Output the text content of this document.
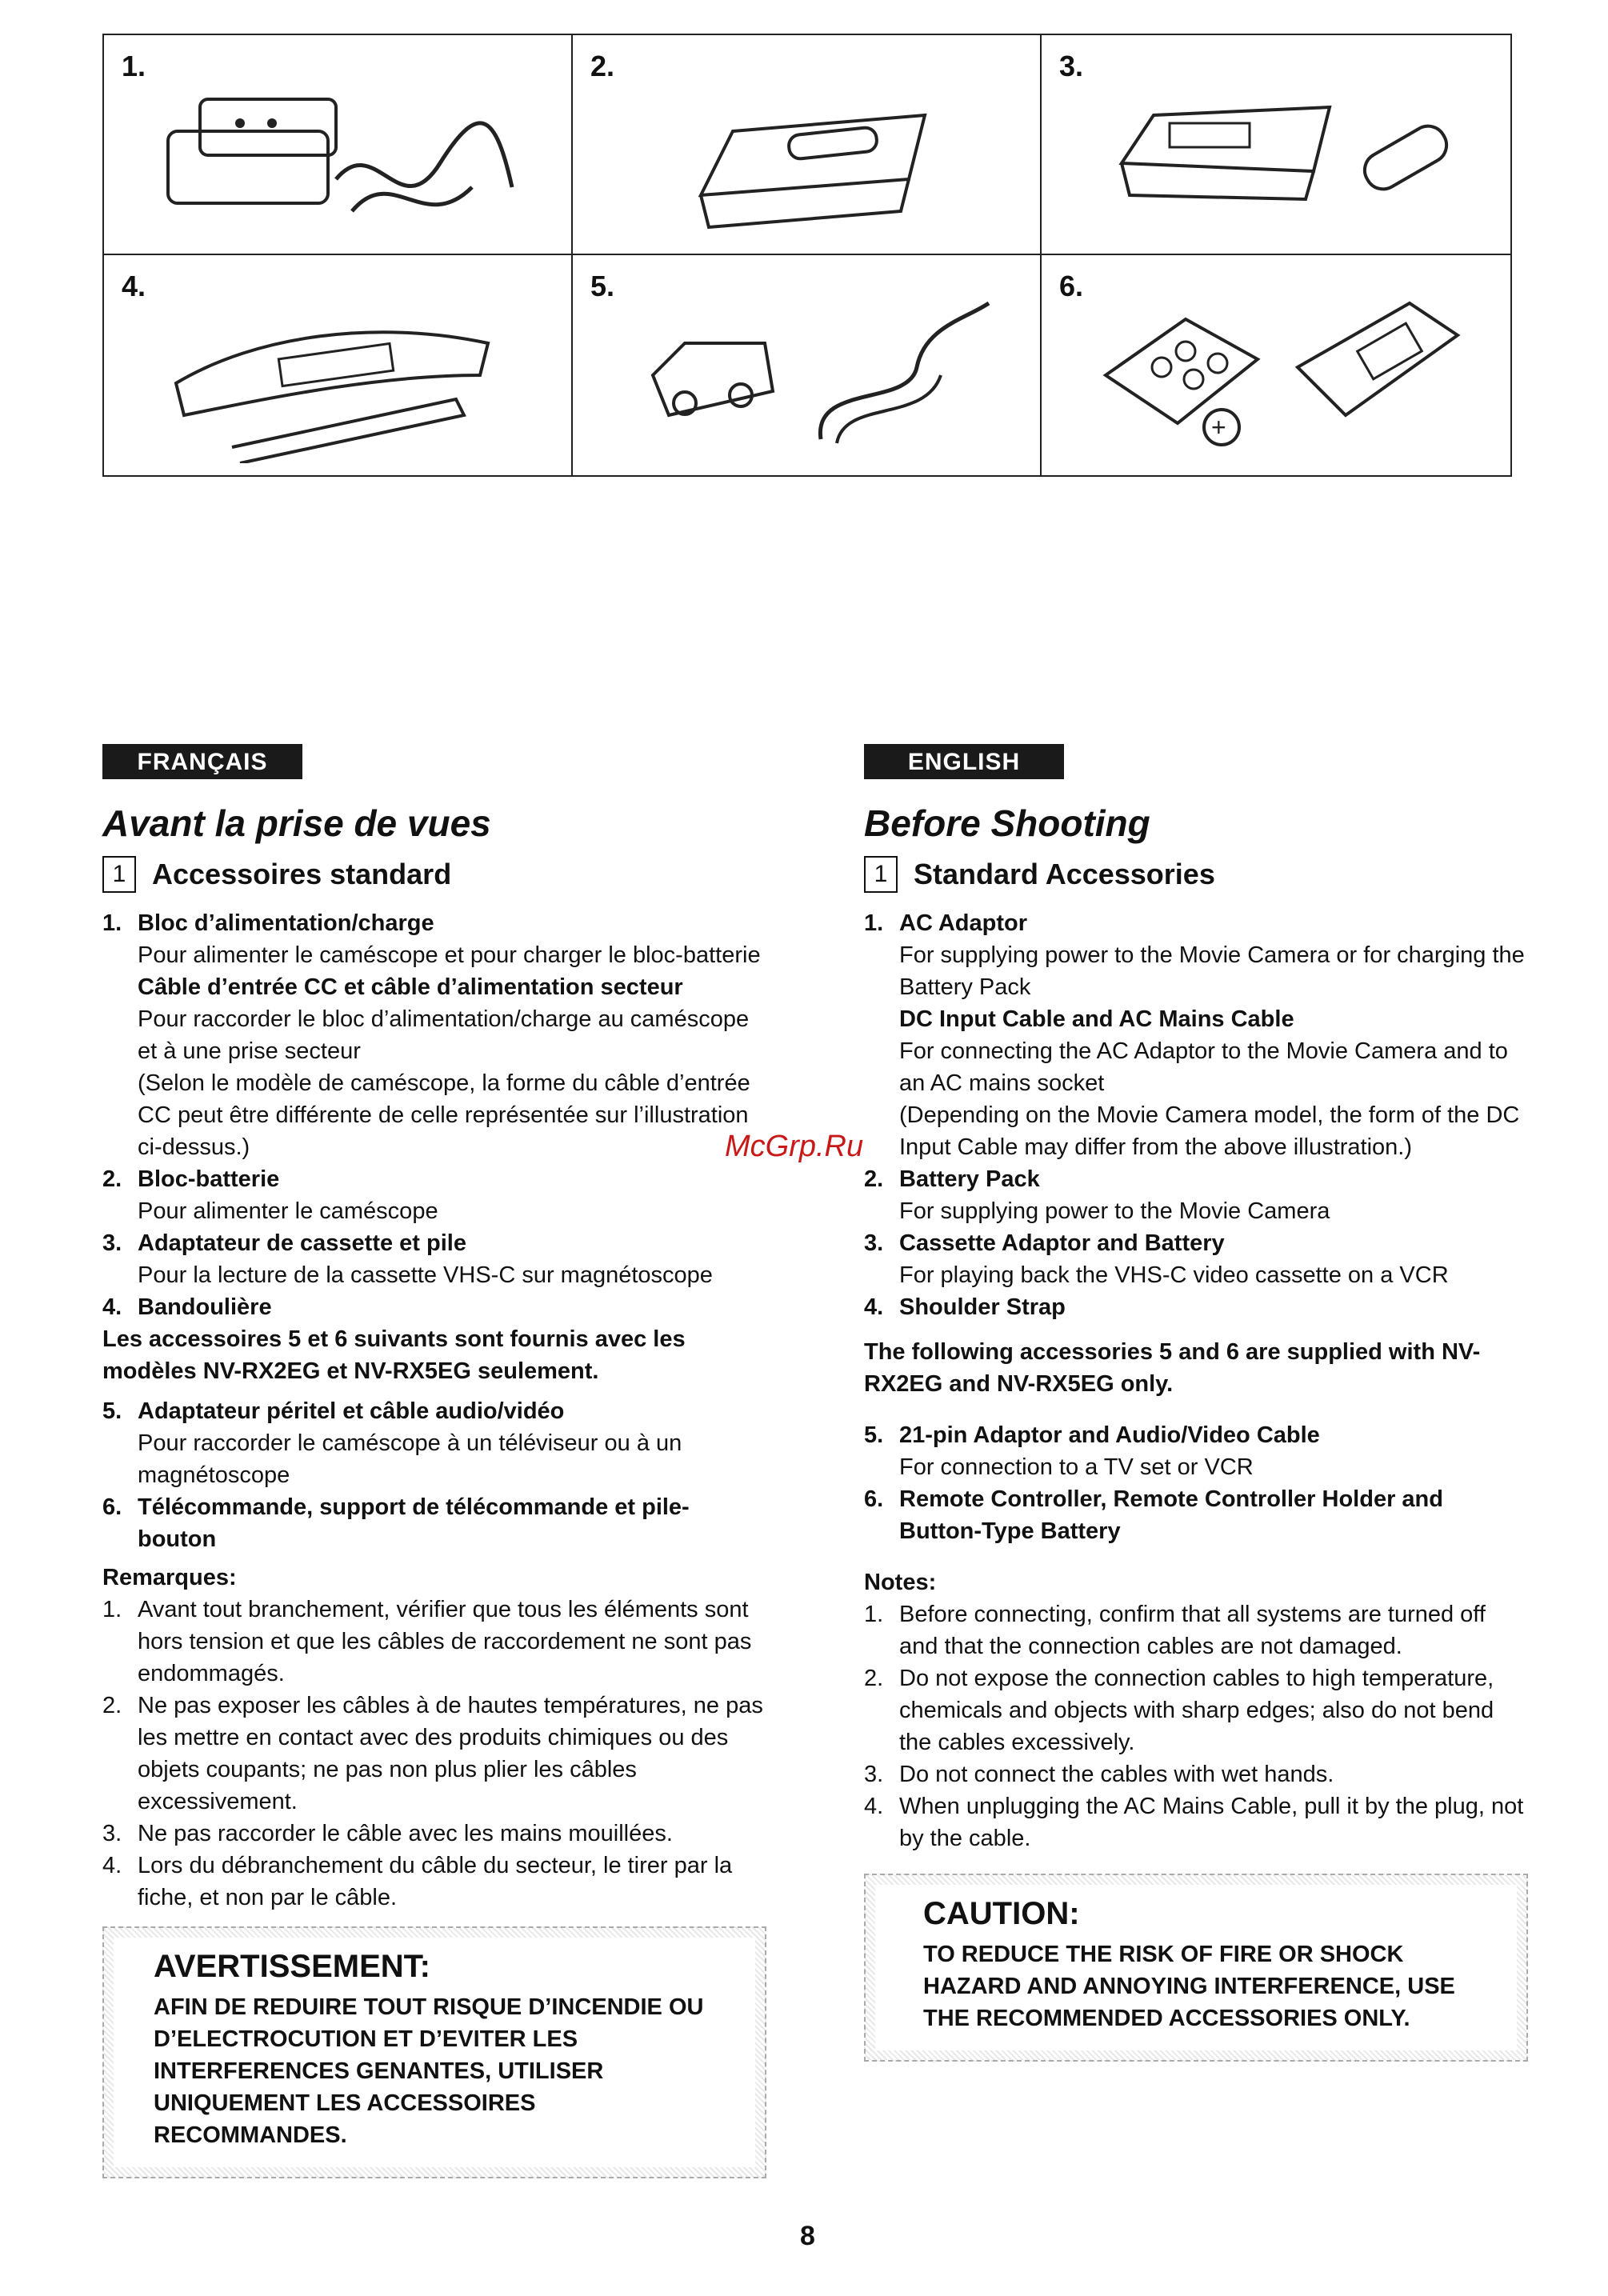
1.	2.	3.
4.	5.	6.
+
FRANÇAIS
Avant la prise de vues
1 Accessoires standard
1. Bloc d’alimentation/charge
Pour alimenter le caméscope et pour charger le bloc-batterie
Câble d’entrée CC et câble d’alimentation secteur
Pour raccorder le bloc d’alimentation/charge au caméscope et à une prise secteur
(Selon le modèle de caméscope, la forme du câble d’entrée CC peut être différente de celle représentée sur l’illustration ci-dessus.)
2. Bloc-batterie
Pour alimenter le caméscope
3. Adaptateur de cassette et pile
Pour la lecture de la cassette VHS-C sur magnétoscope
4. Bandoulière
Les accessoires 5 et 6 suivants sont fournis avec les modèles NV-RX2EG et NV-RX5EG seulement.
5. Adaptateur péritel et câble audio/vidéo
Pour raccorder le caméscope à un téléviseur ou à un magnétoscope
6. Télécommande, support de télécommande et pile-bouton
Remarques:
1. Avant tout branchement, vérifier que tous les éléments sont hors tension et que les câbles de raccordement ne sont pas endommagés.
2. Ne pas exposer les câbles à de hautes températures, ne pas les mettre en contact avec des produits chimiques ou des objets coupants; ne pas non plus plier les câbles excessivement.
3. Ne pas raccorder le câble avec les mains mouillées.
4. Lors du débranchement du câble du secteur, le tirer par la fiche, et non par le câble.
AVERTISSEMENT:
AFIN DE REDUIRE TOUT RISQUE D’INCENDIE OU D’ELECTROCUTION ET D’EVITER LES INTERFERENCES GENANTES, UTILISER UNIQUEMENT LES ACCESSOIRES RECOMMANDES.
McGrp.Ru
ENGLISH
Before Shooting
1 Standard Accessories
1. AC Adaptor
For supplying power to the Movie Camera or for charging the Battery Pack
DC Input Cable and AC Mains Cable
For connecting the AC Adaptor to the Movie Camera and to an AC mains socket
(Depending on the Movie Camera model, the form of the DC Input Cable may differ from the above illustration.)
2. Battery Pack
For supplying power to the Movie Camera
3. Cassette Adaptor and Battery
For playing back the VHS-C video cassette on a VCR
4. Shoulder Strap
The following accessories 5 and 6 are supplied with NV-RX2EG and NV-RX5EG only.
5. 21-pin Adaptor and Audio/Video Cable
For connection to a TV set or VCR
6. Remote Controller, Remote Controller Holder and Button-Type Battery
Notes:
1. Before connecting, confirm that all systems are turned off and that the connection cables are not damaged.
2. Do not expose the connection cables to high temperature, chemicals and objects with sharp edges; also do not bend the cables excessively.
3. Do not connect the cables with wet hands.
4. When unplugging the AC Mains Cable, pull it by the plug, not by the cable.
CAUTION:
TO REDUCE THE RISK OF FIRE OR SHOCK HAZARD AND ANNOYING INTERFERENCE, USE THE RECOMMENDED ACCESSORIES ONLY.
8
